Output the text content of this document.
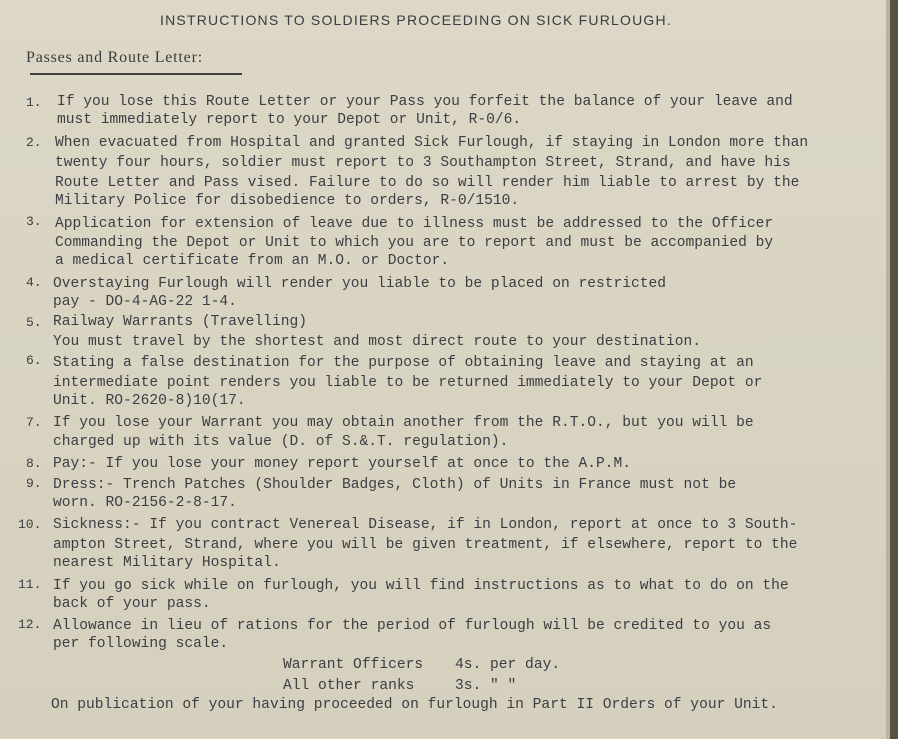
INSTRUCTIONS TO SOLDIERS PROCEEDING ON SICK FURLOUGH.
Passes and Route Letter:
1. If you lose this Route Letter or your Pass you forfeit the balance of your leave and
must immediately report to your Depot or Unit, R-0/6.
2. When evacuated from Hospital and granted Sick Furlough, if staying in London more than
twenty four hours, soldier must report to 3 Southampton Street, Strand, and have his
Route Letter and Pass vised. Failure to do so will render him liable to arrest by the
Military Police for disobedience to orders, R-0/1510.
3. Application for extension of leave due to illness must be addressed to the Officer
Commanding the Depot or Unit to which you are to report and must be accompanied by
a medical certificate from an M.O. or Doctor.
4. Overstaying Furlough will render you liable to be placed on restricted
pay - DO-4-AG-22 1-4.
5. Railway Warrants (Travelling)
You must travel by the shortest and most direct route to your destination.
6. Stating a false destination for the purpose of obtaining leave and staying at an
intermediate point renders you liable to be returned immediately to your Depot or
Unit. RO-2620-8)10(17.
7. If you lose your Warrant you may obtain another from the R.T.O., but you will be
charged up with its value (D. of S.&.T. regulation).
8. Pay:- If you lose your money report yourself at once to the A.P.M.
9. Dress:- Trench Patches (Shoulder Badges, Cloth) of Units in France must not be
worn. RO-2156-2-8-17.
10. Sickness:- If you contract Venereal Disease, if in London, report at once to 3 South-
ampton Street, Strand, where you will be given treatment, if elsewhere, report to the
nearest Military Hospital.
11. If you go sick while on furlough, you will find instructions as to what to do on the
back of your pass.
12. Allowance in lieu of rations for the period of furlough will be credited to you as
per following scale.
Warrant Officers 4s. per day.
All other ranks	3s. " "
On publication of your having proceeded on furlough in Part II Orders of your Unit.
